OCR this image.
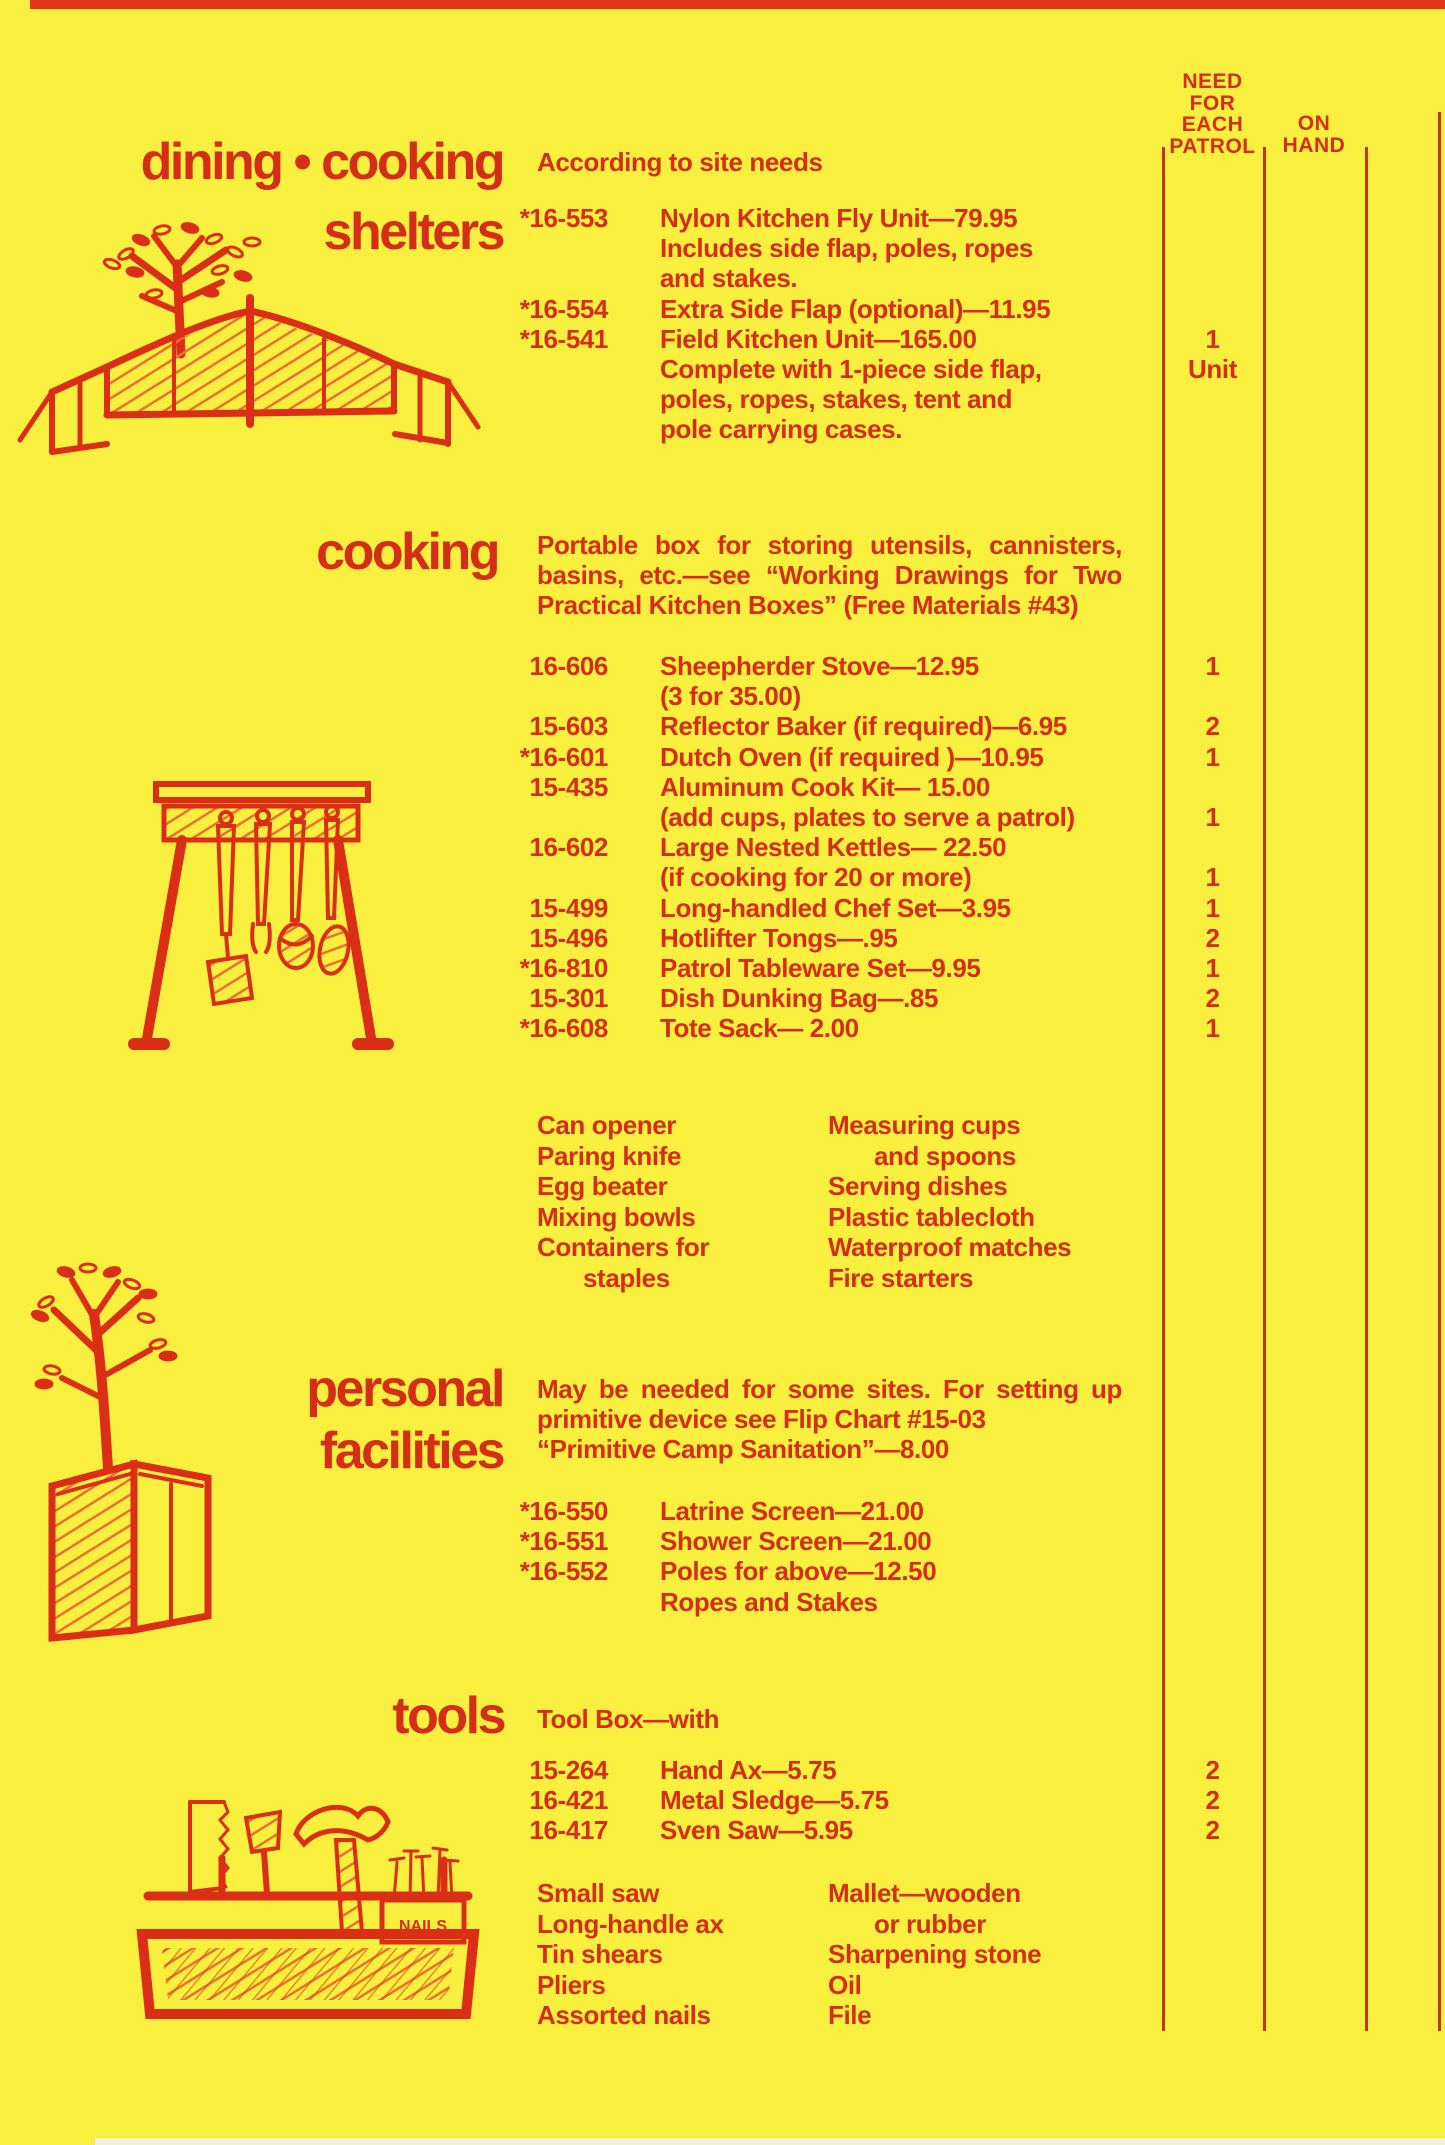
NEED
FOR
EACH
PATROL
ON
HAND
dining • cooking
shelters
According to site needs
*16-553 Nylon Kitchen Fly Unit—79.95
Includes side flap, poles, ropes
and stakes.
*16-554 Extra Side Flap (optional)—11.95
*16-541 Field Kitchen Unit—165.00	1
Complete with 1-piece side flap,	Unit
poles, ropes, stakes, tent and
pole carrying cases.
cooking Portable box for storing utensils, cannisters,
basins, etc.—see “Working Drawings for Two
Practical Kitchen Boxes” (Free Materials #43)
16-606 Sheepherder Stove—12.95	1
(3 for 35.00)
15-603 Reflector Baker (if required)—6.95	2
*16-601 Dutch Oven (if required )—10.95	1
15-435 Aluminum Cook Kit— 15.00
(add cups, plates to serve a patrol)	1
16-602 Large Nested Kettles— 22.50
(if cooking for 20 or more)	1
15-499 Long-handled Chef Set—3.95	1
15-496 Hotlifter Tongs—.95	2
*16-810 Patrol Tableware Set—9.95	1
15-301 Dish Dunking Bag—.85	2
*16-608 Tote Sack— 2.00	1
Can opener
Paring knife
Egg beater
Mixing bowls
Containers for
staples
Measuring cups
and spoons
Serving dishes
Plastic tablecloth
Waterproof matches
Fire starters
personal
facilities
May be needed for some sites. For setting up
primitive device see Flip Chart #15-03
“Primitive Camp Sanitation”—8.00
*16-550 Latrine Screen—21.00
*16-551 Shower Screen—21.00
*16-552 Poles for above—12.50
Ropes and Stakes
tools Tool Box—with
15-264 Hand Ax—5.75	2
16-421 Metal Sledge—5.75	2
16-417 Sven Saw—5.95	2
Small saw
Long-handle ax
Tin shears
Pliers
Assorted nails
Mallet—wooden
or rubber
Sharpening stone
Oil
File
NAILS
